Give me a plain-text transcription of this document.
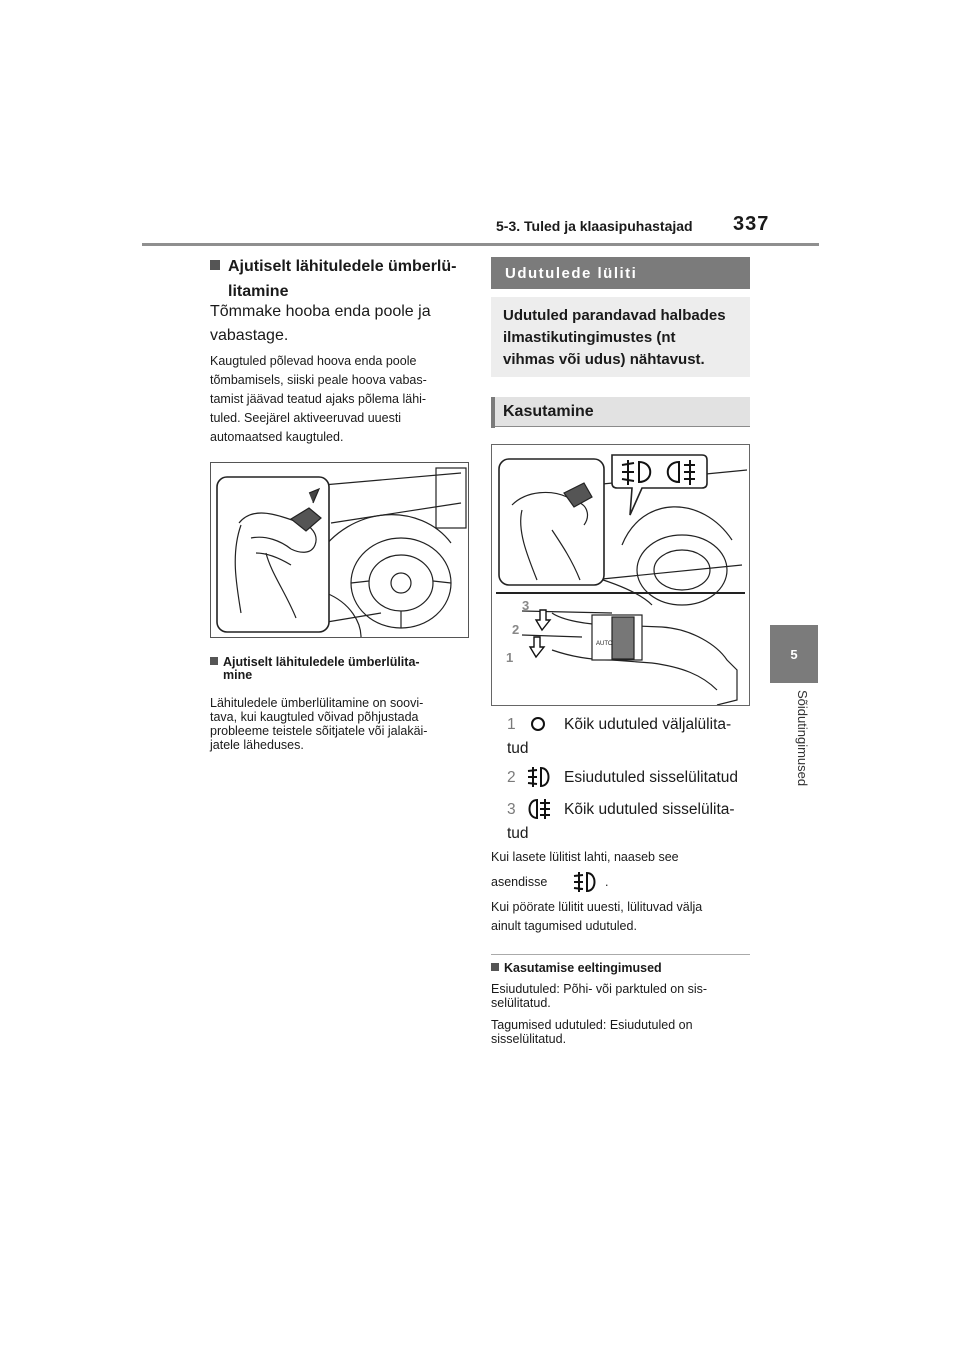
5-3. Tuled ja klaasipuhastajad 337
5
Sõidutingimused
Ajutiselt lähituledele ümberlü-
litamine
Tõmmake hooba enda poole ja
vabastage.
Kaugtuled põlevad hoova enda poole
tõmbamisels, siiski peale hoova vabas-
tamist jäävad teatud ajaks põlema lähi-
tuled. Seejärel aktiveeruvad uuesti
automaatsed kaugtuled.
Ajutiselt lähituledele ümberlülita-
mine
Lähituledele ümberlülitamine on soovi-
tava, kui kaugtuled võivad põhjustada
probleeme teistele sõitjatele või jalakäi-
jatele läheduses.
Udutulede lüliti
Udutuled parandavad halbades
ilmastikutingimustes (nt
vihmas või udus) nähtavust.
Kasutamine
3
2
1
AUTO
1	Kõik udutuled väljalülita-
tud
2	Esiudutuled sisselülitatud
3	Kõik udutuled sisselülita-
tud
Kui lasete lülitist lahti, naaseb see

asendisse	.
Kui pöörate lülitit uuesti, lülituvad välja
ainult tagumised udutuled.
Kasutamise eeltingimused
Esiudutuled: Põhi- või parktuled on sis-
selülitatud.
Tagumised udutuled: Esiudutuled on
sisselülitatud.
